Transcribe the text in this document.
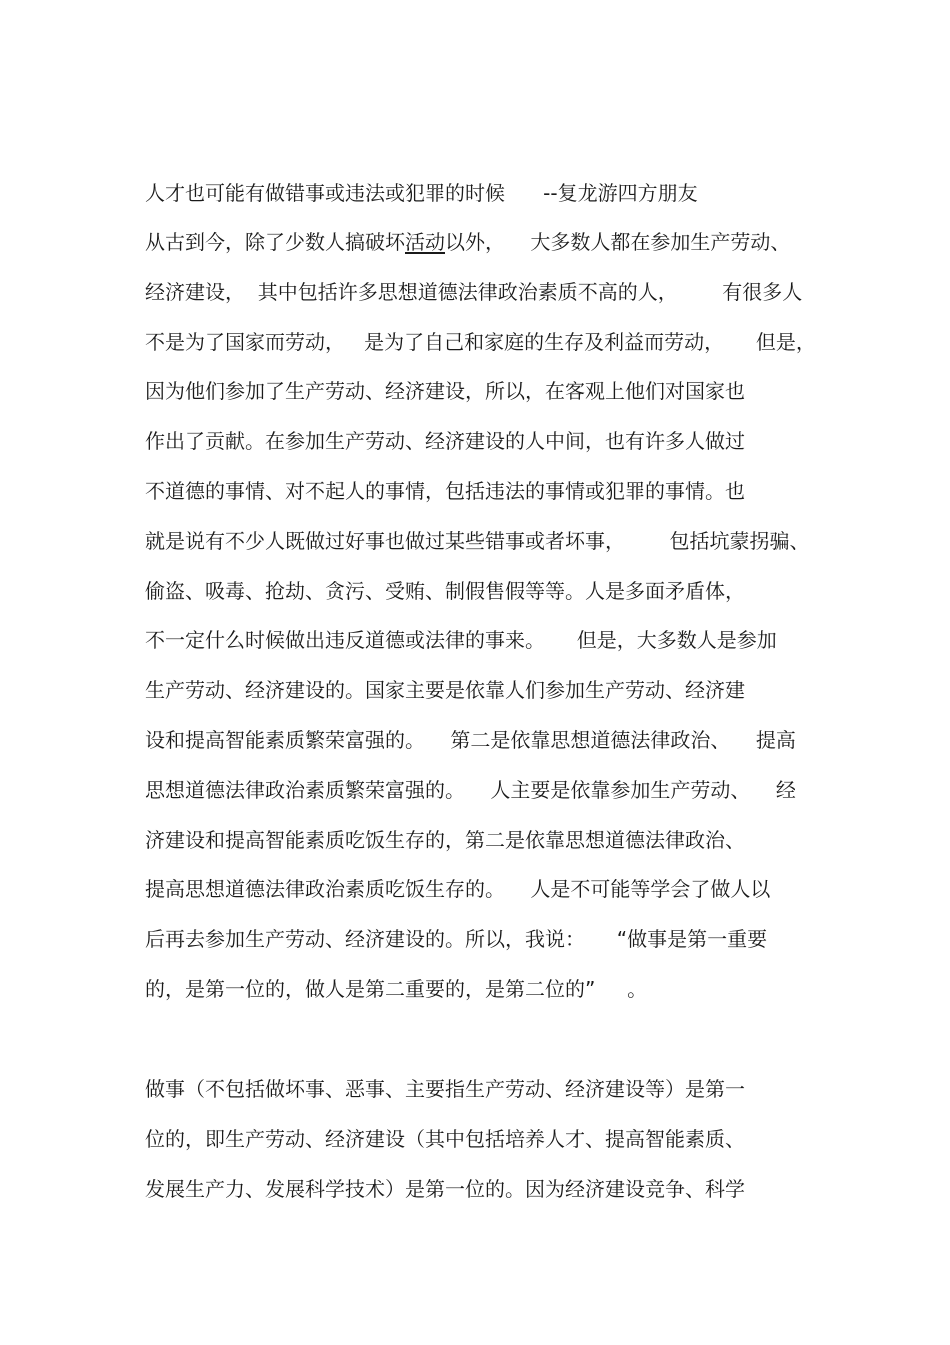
人才也可能有做错事或违法或犯罪的时候      --复龙游四方朋友
从古到今，除了少数人搞破坏活动以外，    大多数人都在参加生产劳动、
经济建设，  其中包括许多思想道德法律政治素质不高的人，       有很多人
不是为了国家而劳动，   是为了自己和家庭的生存及利益而劳动，     但是，
因为他们参加了生产劳动、经济建设，所以，在客观上他们对国家也
作出了贡献。在参加生产劳动、经济建设的人中间，也有许多人做过
不道德的事情、对不起人的事情，包括违法的事情或犯罪的事情。也
就是说有不少人既做过好事也做过某些错事或者坏事，       包括坑蒙拐骗、
偷盗、吸毒、抢劫、贪污、受贿、制假售假等等。人是多面矛盾体，
不一定什么时候做出违反道德或法律的事来。     但是，大多数人是参加
生产劳动、经济建设的。国家主要是依靠人们参加生产劳动、经济建
设和提高智能素质繁荣富强的。    第二是依靠思想道德法律政治、    提高
思想道德法律政治素质繁荣富强的。    人主要是依靠参加生产劳动、    经
济建设和提高智能素质吃饭生存的，第二是依靠思想道德法律政治、
提高思想道德法律政治素质吃饭生存的。    人是不可能等学会了做人以
后再去参加生产劳动、经济建设的。所以，我说：     “做事是第一重要
的，是第一位的，做人是第二重要的，是第二位的”     。
做事（不包括做坏事、恶事、主要指生产劳动、经济建设等）是第一
位的，即生产劳动、经济建设（其中包括培养人才、提高智能素质、
发展生产力、发展科学技术）是第一位的。因为经济建设竞争、科学
